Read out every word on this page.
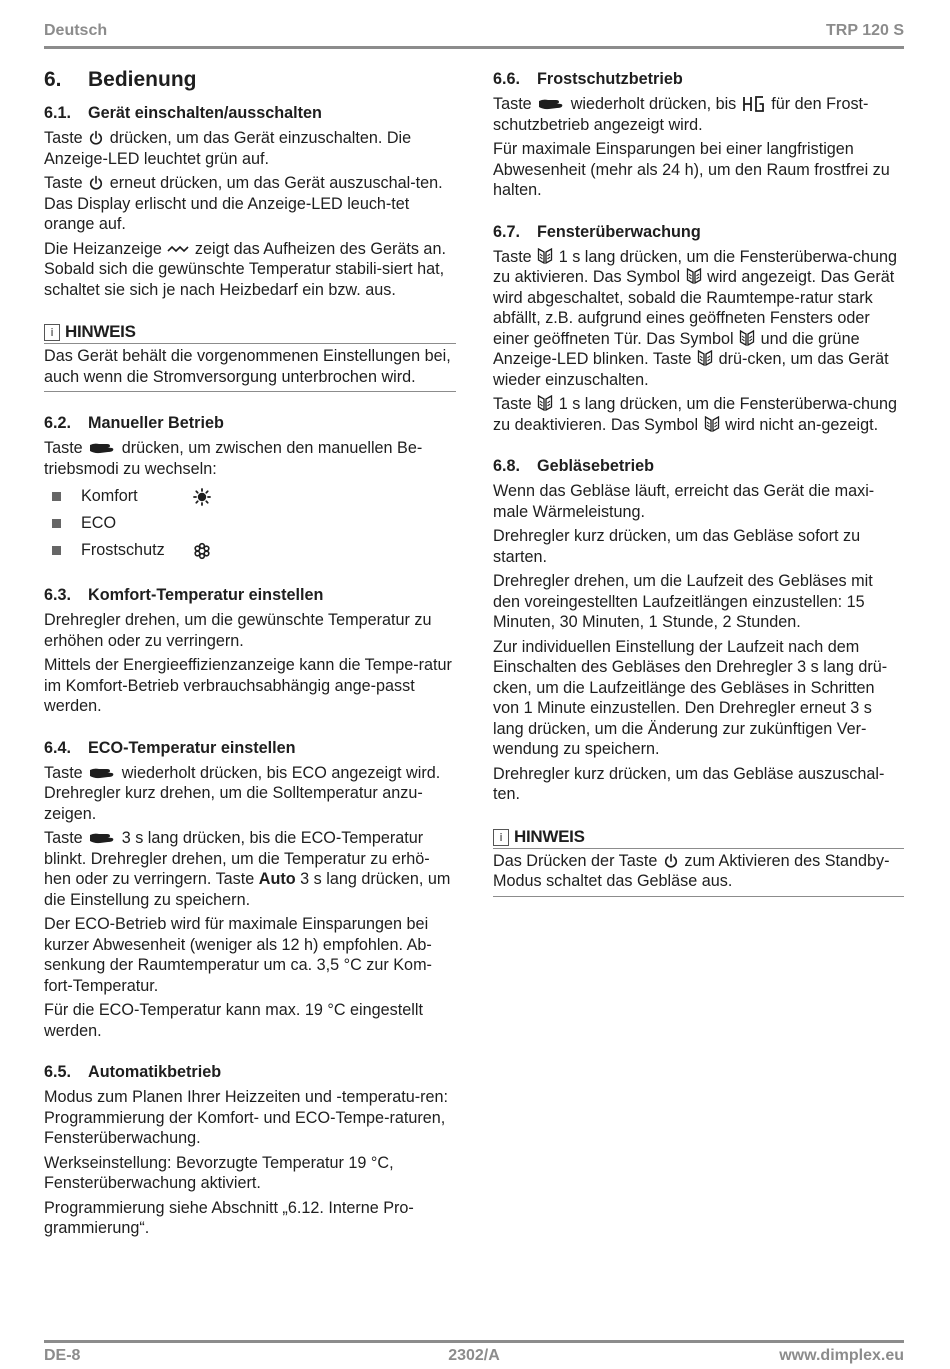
Deutsch	TRP 120 S
6.	Bedienung
6.1.	Gerät einschalten/ausschalten

Taste drücken, um das Gerät einzuschalten. Die Anzeige-LED leuchtet grün auf.

Taste erneut drücken, um das Gerät auszuschal-ten. Das Display erlischt und die Anzeige-LED leuch-tet orange auf.

Die Heizanzeige zeigt das Aufheizen des Geräts an. Sobald sich die gewünschte Temperatur stabili-siert hat, schaltet sie sich je nach Heizbedarf ein bzw. aus.

i HINWEIS

Das Gerät behält die vorgenommenen Einstellungen bei, auch wenn die Stromversorgung unterbrochen wird.

6.2.	Manueller Betrieb

Taste drücken, um zwischen den manuellen Be-triebsmodi zu wechseln:

Komfort
ECO
Frostschutz
6.3.	Komfort-Temperatur einstellen

Drehregler drehen, um die gewünschte Temperatur zu erhöhen oder zu verringern.

Mittels der Energieeffizienzanzeige kann die Tempe-ratur im Komfort-Betrieb verbrauchsabhängig ange-passt werden.

6.4.	ECO-Temperatur einstellen

Taste wiederholt drücken, bis ECO angezeigt wird. Drehregler kurz drehen, um die Solltemperatur anzu-zeigen.

Taste 3 s lang drücken, bis die ECO-Temperatur blinkt. Drehregler drehen, um die Temperatur zu erhö-hen oder zu verringern. Taste Auto 3 s lang drücken, um die Einstellung zu speichern.

Der ECO-Betrieb wird für maximale Einsparungen bei kurzer Abwesenheit (weniger als 12 h) empfohlen. Ab-senkung der Raumtemperatur um ca. 3,5 °C zur Kom-fort-Temperatur.

Für die ECO-Temperatur kann max. 19 °C eingestellt werden.

6.5.	Automatikbetrieb

Modus zum Planen Ihrer Heizzeiten und -temperatu-ren: Programmierung der Komfort- und ECO-Tempe-raturen, Fensterüberwachung.

Werkseinstellung: Bevorzugte Temperatur 19 °C, Fensterüberwachung aktiviert.

Programmierung siehe Abschnitt „6.12. Interne Pro-grammierung“.

6.6.	Frostschutzbetrieb

Taste wiederholt drücken, bis für den Frost-schutzbetrieb angezeigt wird.

Für maximale Einsparungen bei einer langfristigen Abwesenheit (mehr als 24 h), um den Raum frostfrei zu halten.

6.7.	Fensterüberwachung

Taste 1 s lang drücken, um die Fensterüberwa-chung zu aktivieren. Das Symbol wird angezeigt. Das Gerät wird abgeschaltet, sobald die Raumtempe-ratur stark abfällt, z.B. aufgrund eines geöffneten Fensters oder einer geöffneten Tür. Das Symbol und die grüne Anzeige-LED blinken. Taste drü-cken, um das Gerät wieder einzuschalten.

Taste 1 s lang drücken, um die Fensterüberwa-chung zu deaktivieren. Das Symbol wird nicht an-gezeigt.

6.8.	Gebläsebetrieb

Wenn das Gebläse läuft, erreicht das Gerät die maxi-male Wärmeleistung.

Drehregler kurz drücken, um das Gebläse sofort zu starten.

Drehregler drehen, um die Laufzeit des Gebläses mit den voreingestellten Laufzeitlängen einzustellen: 15 Minuten, 30 Minuten, 1 Stunde, 2 Stunden.

Zur individuellen Einstellung der Laufzeit nach dem Einschalten des Gebläses den Drehregler 3 s lang drü-cken, um die Laufzeitlänge des Gebläses in Schritten von 1 Minute einzustellen. Den Drehregler erneut 3 s lang drücken, um die Änderung zur zukünftigen Ver-wendung zu speichern.

Drehregler kurz drücken, um das Gebläse auszuschal-ten.

i HINWEIS

Das Drücken der Taste zum Aktivieren des Standby-Modus schaltet das Gebläse aus.

DE-8	2302/A	www.dimplex.eu
